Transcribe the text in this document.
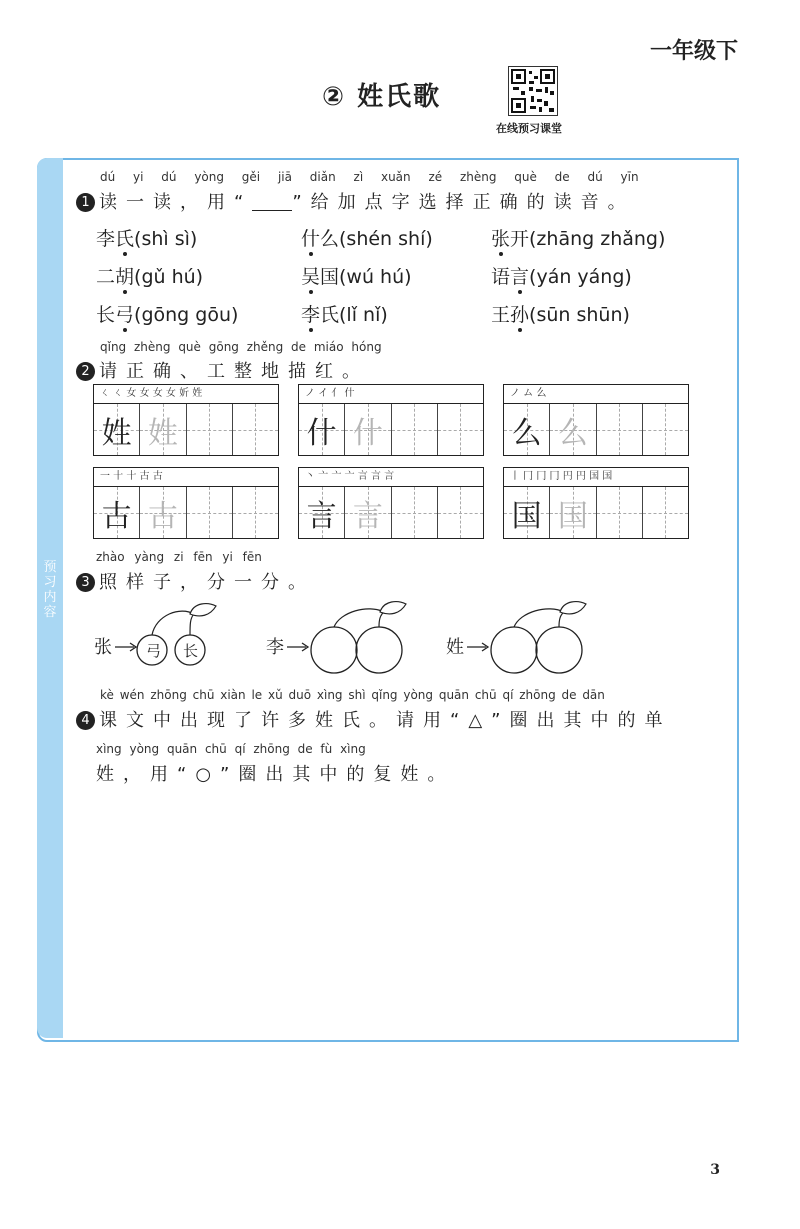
一年级下
② 姓氏歌
在线预习课堂
预习内容
dú yi dú yòng gěi jiā diǎn zì xuǎn zé zhèng què de dú yīn
1 读一读，用“ ”给加点字选择正确的读音。
李氏(shì sì)	什么(shén shí)	张开(zhāng zhǎng)
二胡(gǔ hú)	吴国(wú hú)	语言(yán yáng)
长弓(gōng gōu)	李氏(lǐ nǐ)	王孙(sūn shūn)
qǐng zhèng què gōng zhěng de miáo hóng
2 请正确、工整地描红。
ㄑ ㄑ 女 女 女 女 妡 姓
姓 姓
ノ イ 亻 什
什 什
ノ ム 么
么 么
一 十 十 古 古
古 古
丶 亠 亠 亠 言 言 言
言 言
丨 冂 冂 冂 円 円 国 国
国 国
zhào yàng zi fēn yi fēn
3 照样子，分一分。
张 弓 长	李	姓
kè wén zhōng chū xiàn le xǔ duō xìng shì qǐng yòng quān chū qí zhōng de dān
4 课文中出现了许多姓氏。请用“△”圈出其中的单
xìng yòng quān chū qí zhōng de fù xìng
姓，用“○”圈出其中的复姓。
3
